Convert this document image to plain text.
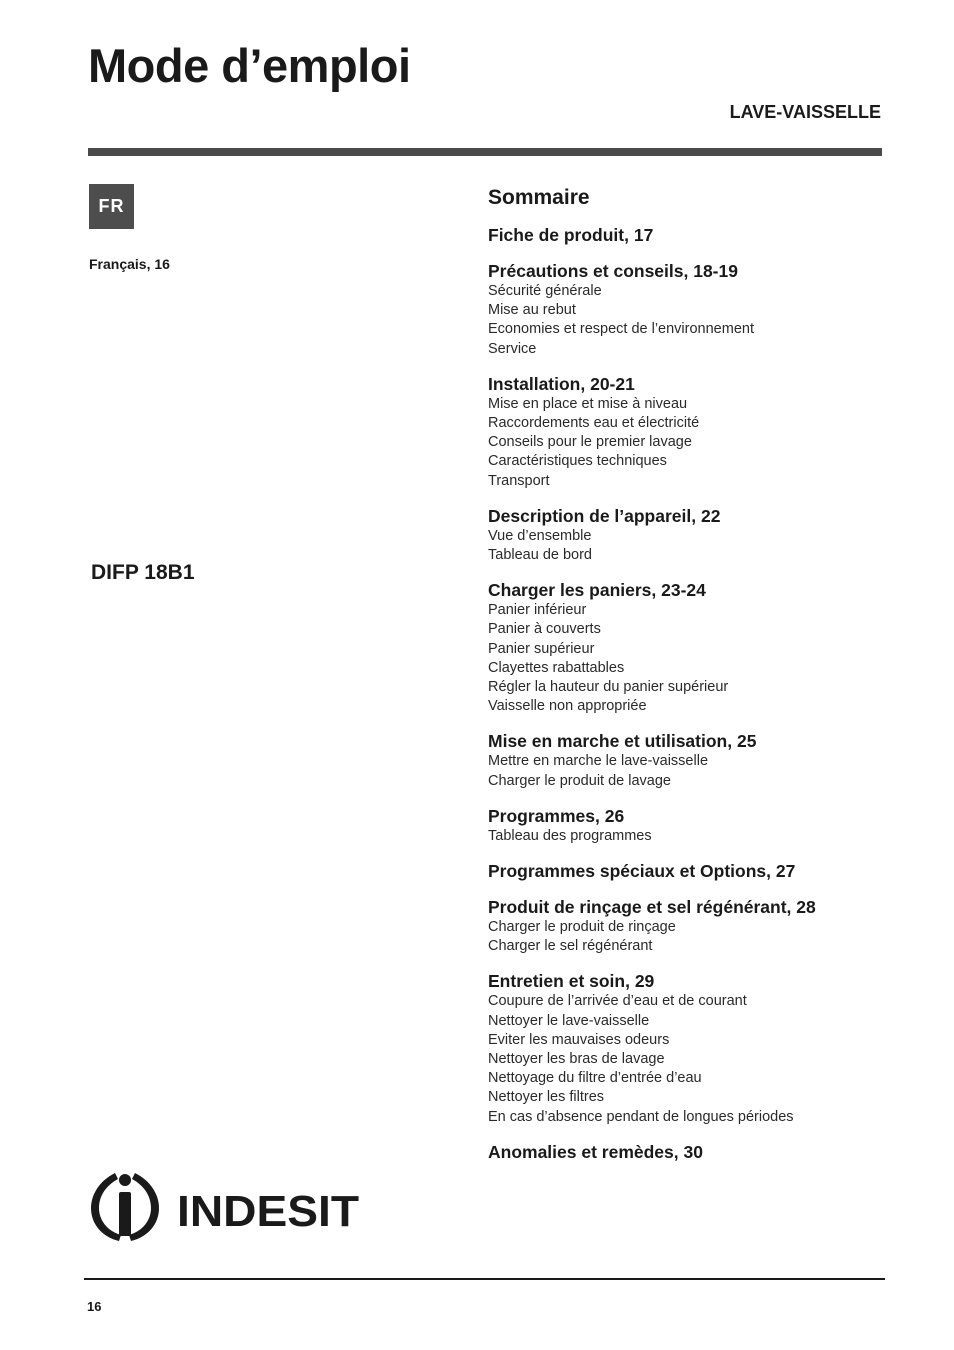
Mode d’emploi
LAVE-VAISSELLE
FR
Français, 16
DIFP 18B1
INDESIT
Sommaire
Fiche de produit, 17
Précautions et conseils, 18-19
Sécurité générale
Mise au rebut
Economies et respect de l’environnement
Service
Installation, 20-21
Mise en place et mise à niveau
Raccordements eau et électricité
Conseils pour le premier lavage
Caractéristiques techniques
Transport
Description de l’appareil, 22
Vue d’ensemble
Tableau de bord
Charger les paniers, 23-24
Panier inférieur
Panier à couverts
Panier supérieur
Clayettes rabattables
Régler la hauteur du panier supérieur
Vaisselle non appropriée
Mise en marche et utilisation, 25
Mettre en marche le lave-vaisselle
Charger le produit de lavage
Programmes, 26
Tableau des programmes
Programmes spéciaux et Options, 27
Produit de rinçage et sel régénérant, 28
Charger le produit de rinçage
Charger le sel régénérant
Entretien et soin, 29
Coupure de l’arrivée d’eau et de courant
Nettoyer le lave-vaisselle
Eviter les mauvaises odeurs
Nettoyer les bras de lavage
Nettoyage du filtre d’entrée d’eau
Nettoyer les filtres
En cas d’absence pendant de longues périodes
Anomalies et remèdes, 30
16
